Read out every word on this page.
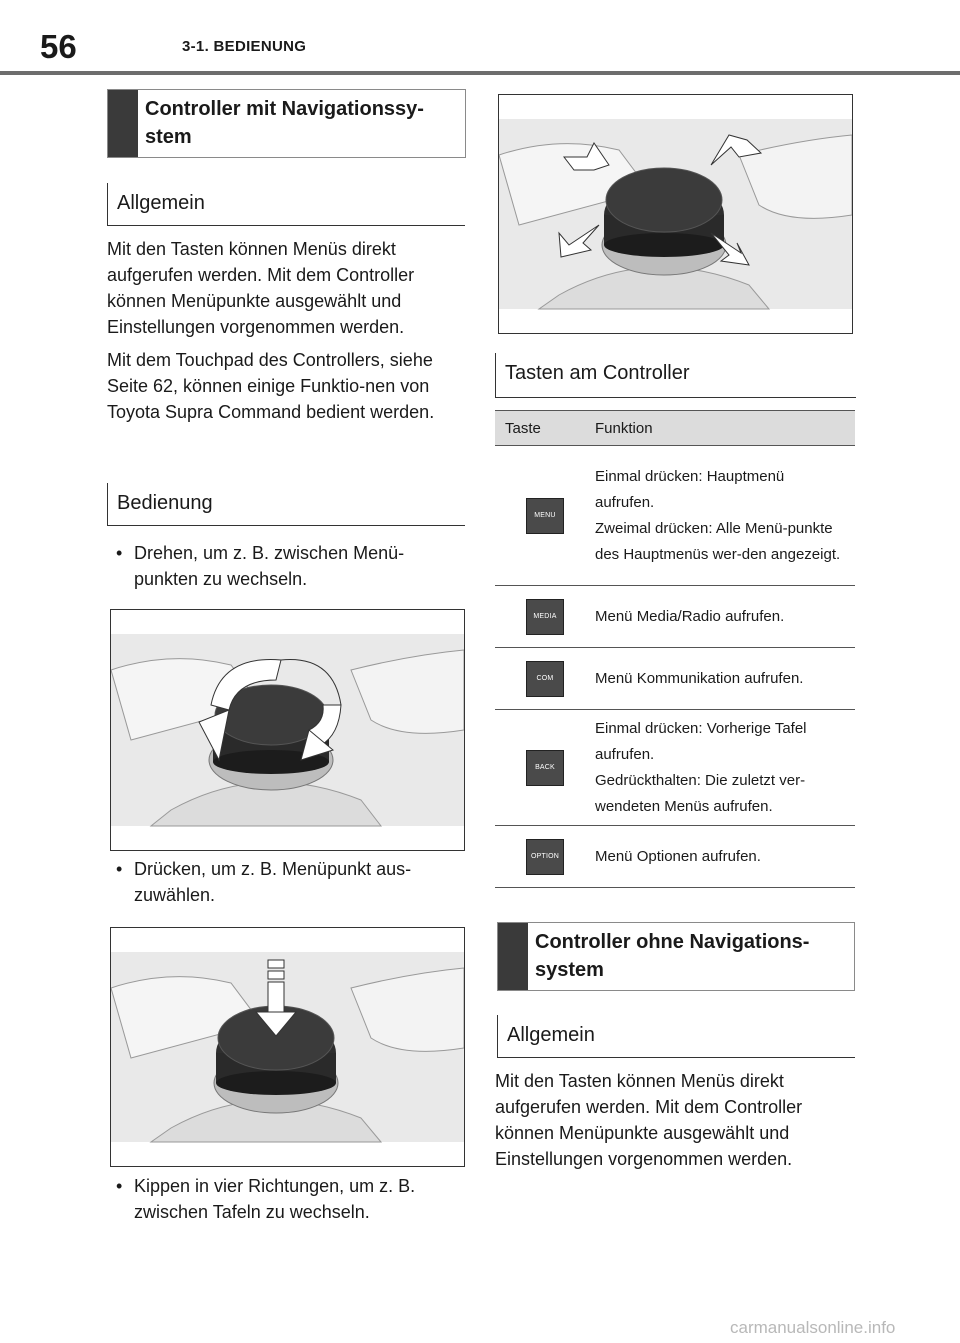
56	3-1. BEDIENUNG
Controller mit Navigationssy-
stem
Allgemein

Mit den Tasten können Menüs direkt aufgerufen werden. Mit dem Controller können Menüpunkte ausgewählt und Einstellungen vorgenommen werden.

Mit dem Touchpad des Controllers, siehe Seite 62, können einige Funktio-nen von Toyota Supra Command bedient werden.

Bedienung

• Drehen, um z. B. zwischen Menü-punkten zu wechseln.

• Drücken, um z. B. Menüpunkt aus-zuwählen.

• Kippen in vier Richtungen, um z. B. zwischen Tafeln zu wechseln.

Tasten am Controller
Taste	Funktion
MENU	Einmal drücken: Hauptmenü aufrufen.
Zweimal drücken: Alle Menü-punkte des Hauptmenüs wer-den angezeigt.
MEDIA	Menü Media/Radio aufrufen.
COM	Menü Kommunikation aufrufen.
BACK	Einmal drücken: Vorherige Tafel aufrufen.
Gedrückthalten: Die zuletzt ver-wendeten Menüs aufrufen.
OPTION	Menü Optionen aufrufen.
Controller ohne Navigations-
system
Allgemein

Mit den Tasten können Menüs direkt aufgerufen werden. Mit dem Controller können Menüpunkte ausgewählt und Einstellungen vorgenommen werden.

carmanualsonline.info
